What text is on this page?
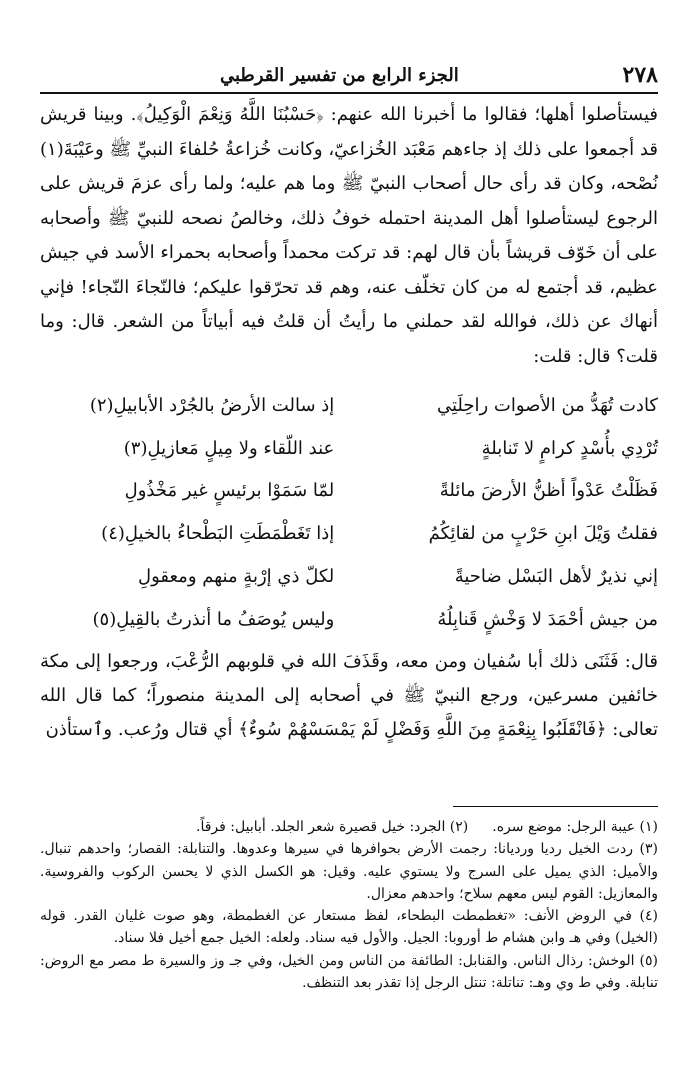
٢٧٨
الجزء الرابع من تفسير القرطبي

فيستأصلوا أهلها؛ فقالوا ما أخبرنا الله عنهم: ﴿حَسْبُنَا اللَّهُ وَنِعْمَ الْوَكِيلُ﴾. وبينا قريش قد أجمعوا على ذلك إذ جاءهم مَعْبَد الخُزاعيّ، وكانت خُزاعةُ حُلفاءَ النبيِّ ﷺ وعَيْبَةَ(١) نُصْحه، وكان قد رأى حال أصحاب النبيّ ﷺ وما هم عليه؛ ولما رأى عزمَ قريش على الرجوع ليستأصلوا أهل المدينة احتمله خوفُ ذلك، وخالصُ نصحه للنبيّ ﷺ وأصحابه على أن خَوّف قريشاً بأن قال لهم: قد تركت محمداً وأصحابه بحمراء الأسد في جيش عظيم، قد أجتمع له من كان تخلّف عنه، وهم قد تحرّقوا عليكم؛ فالنّجاءَ النّجاء! فإني أنهاك عن ذلك، فوالله لقد حملني ما رأيتُ أن قلتُ فيه أبياتاً من الشعر. قال: وما قلت؟ قال: قلت:

كادت تُهَدُّ من الأصوات راحِلَتِي
إذ سالت الأرضُ بالجُرْد الأبابيلِ(٢)
تُرْدِي بأُسْدٍ كرامٍ لا تَنابلةٍ
عند اللّقاء ولا مِيلٍ مَعازيلِ(٣)
فَظَلْتُ عَدْواً أظنُّ الأرضَ مائلةً
لمّا سَمَوْا برئيسٍ غير مَخْذُولِ
فقلتُ وَيْلَ ابنِ حَرْبٍ من لقائِكُمُ
إذا تَغَطْمَطَتِ البَطْحاءُ بالخيلِ(٤)
إني نذيرٌ لأهل البَسْل ضاحيةً
لكلّ ذي إرْبةٍ منهم ومعقولِ
من جيش أحْمَدَ لا وَخْشٍ قَنابِلُهُ
وليس يُوصَفُ ما أنذرتُ بالقِيلِ(٥)

قال: فَثَنَى ذلك أبا سُفيان ومن معه، وقَذَفَ الله في قلوبهم الرُّعْبَ، ورجعوا إلى مكة خائفين مسرعين، ورجع النبيّ ﷺ في أصحابه إلى المدينة منصوراً؛ كما قال الله تعالى: ﴿فَانْقَلَبُوا بِنِعْمَةٍ مِنَ اللَّهِ وَفَضْلٍ لَمْ يَمْسَسْهُمْ سُوءٌ﴾ أي قتال ورُعب. وٱستأذن

(١) عيبة الرجل: موضع سره.
(٢) الجرد: خيل قصيرة شعر الجلد. أبابيل: فرقاً.

(٣) ردت الخيل رديا ورديانا: رجمت الأرض بحوافرها في سيرها وعدوها. والتنابلة: القصار؛ واحدهم تنبال. والأميل: الذي يميل على السرج ولا يستوي عليه. وقيل: هو الكسل الذي لا يحسن الركوب والفروسية. والمعازيل: القوم ليس معهم سلاح؛ واحدهم معزال.

(٤) في الروض الأنف: «تغطمطت البطحاء، لفظ مستعار عن الغطمطة، وهو صوت غليان القدر. قوله (الخيل) وفي هـ وابن هشام ط أوروبا: الجيل. والأول فيه سناد. ولعله: الخيل جمع أخيل فلا سناد.

(٥) الوخش: رذال الناس. والقنابل: الطائفة من الناس ومن الخيل، وفي جـ وز والسيرة ط مصر مع الروض: تنابلة. وفي ط وي وهـ: تناتلة: تنتل الرجل إذا تقذر بعد التنظف.
